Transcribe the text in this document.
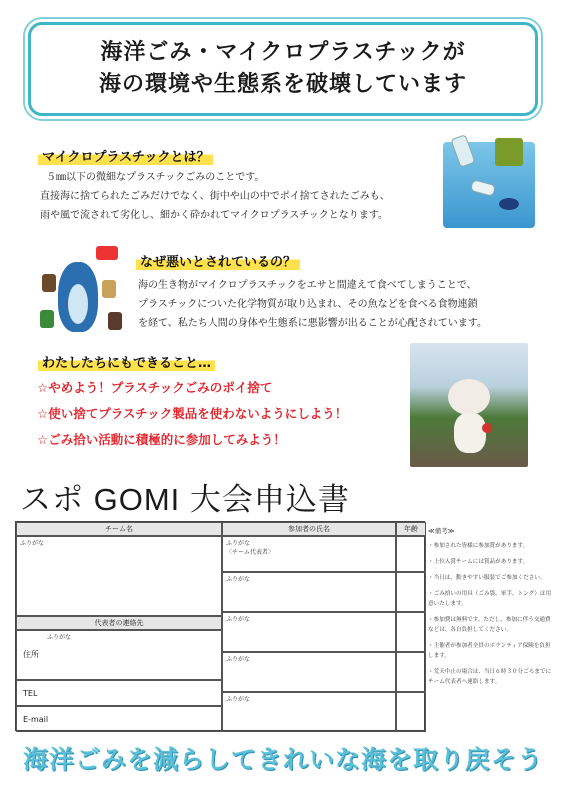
海洋ごみ・マイクロプラスチックが
海の環境や生態系を破壊しています
マイクロプラスチックとは？
５㎜以下の微細なプラスチックごみのことです。
直接海に捨てられたごみだけでなく、街中や山の中でポイ捨てされたごみも、
雨や風で流されて劣化し、細かく砕かれてマイクロプラスチックとなります。
なぜ悪いとされているの？
海の生き物がマイクロプラスチックをエサと間違えて食べてしまうことで、
プラスチックについた化学物質が取り込まれ、その魚などを食べる食物連鎖
を経て、私たち人間の身体や生態系に悪影響が出ることが心配されています。
わたしたちにもできること…
☆やめよう！プラスチックごみのポイ捨て
☆使い捨てプラスチック製品を使わないようにしよう！
☆ごみ拾い活動に積極的に参加してみよう！
スポ GOMI 大会申込書
チーム名	参加者の氏名	年齢
ふりがな
代表者の連絡先
ふりがな
住所
TEL
E-mail
ふりがな
〈チーム代表者〉
ふりがな
ふりがな
ふりがな
ふりがな
≪備考≫
・参加された皆様に参加賞があります。
・上位入賞チームには賞品があります。
・当日は、動きやすい服装でご参加ください。
・ごみ拾いの用具（ごみ袋、軍手、トング）は用意いたします。
・参加費は無料です。ただし、参加に伴う交通費などは、各自負担してください。
・主催者が参加者全員のボランティア保険を負担します。
・荒天中止の場合は、当日６時３０分ごろまでにチーム代表者へ連絡します。
海洋ごみを減らしてきれいな海を取り戻そう
